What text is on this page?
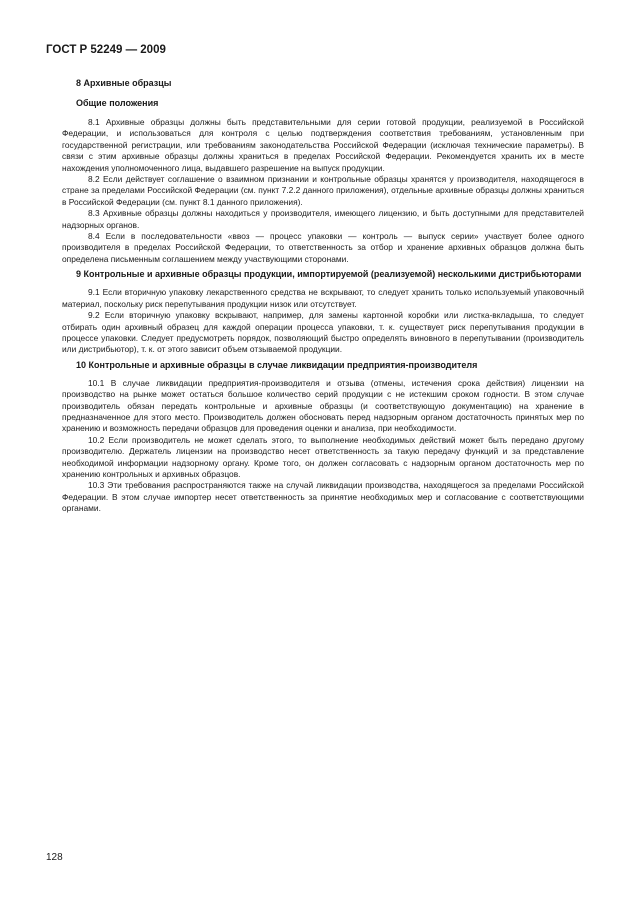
ГОСТ Р 52249 — 2009
8 Архивные образцы
Общие положения

8.1 Архивные образцы должны быть представительными для серии готовой продукции, реализуемой в Российской Федерации, и использоваться для контроля с целью подтверждения соответствия требованиям, установленным при государственной регистрации, или требованиям законодательства Российской Федерации (исключая технические параметры). В связи с этим архивные образцы должны храниться в пределах Российской Федерации. Рекомендуется хранить их в месте нахождения уполномоченного лица, выдавшего разрешение на выпуск продукции.

8.2 Если действует соглашение о взаимном признании и контрольные образцы хранятся у производителя, находящегося в стране за пределами Российской Федерации (см. пункт 7.2.2 данного приложения), отдельные архивные образцы должны храниться в Российской Федерации (см. пункт 8.1 данного приложения).

8.3 Архивные образцы должны находиться у производителя, имеющего лицензию, и быть доступными для представителей надзорных органов.

8.4 Если в последовательности «ввоз — процесс упаковки — контроль — выпуск серии» участвует более одного производителя в пределах Российской Федерации, то ответственность за отбор и хранение архивных образцов должна быть определена письменным соглашением между участвующими сторонами.

9 Контрольные и архивные образцы продукции, импортируемой (реализуемой) несколькими дистрибьюторами

9.1 Если вторичную упаковку лекарственного средства не вскрывают, то следует хранить только используемый упаковочный материал, поскольку риск перепутывания продукции низок или отсутствует.

9.2 Если вторичную упаковку вскрывают, например, для замены картонной коробки или листка-вкладыша, то следует отбирать один архивный образец для каждой операции процесса упаковки, т. к. существует риск перепутывания продукции в процессе упаковки. Следует предусмотреть порядок, позволяющий быстро определять виновного в перепутывании (производитель или дистрибьютор), т. к. от этого зависит объем отзываемой продукции.

10 Контрольные и архивные образцы в случае ликвидации предприятия-производителя

10.1 В случае ликвидации предприятия-производителя и отзыва (отмены, истечения срока действия) лицензии на производство на рынке может остаться большое количество серий продукции с не истекшим сроком годности. В этом случае производитель обязан передать контрольные и архивные образцы (и соответствующую документацию) на хранение в предназначенное для этого место. Производитель должен обосновать перед надзорным органом достаточность принятых мер по хранению и возможность передачи образцов для проведения оценки и анализа, при необходимости.

10.2 Если производитель не может сделать этого, то выполнение необходимых действий может быть передано другому производителю. Держатель лицензии на производство несет ответственность за такую передачу функций и за представление необходимой информации надзорному органу. Кроме того, он должен согласовать с надзорным органом достаточность мер по хранению контрольных и архивных образцов.

10.3 Эти требования распространяются также на случай ликвидации производства, находящегося за пределами Российской Федерации. В этом случае импортер несет ответственность за принятие необходимых мер и согласование с соответствующими органами.

128
